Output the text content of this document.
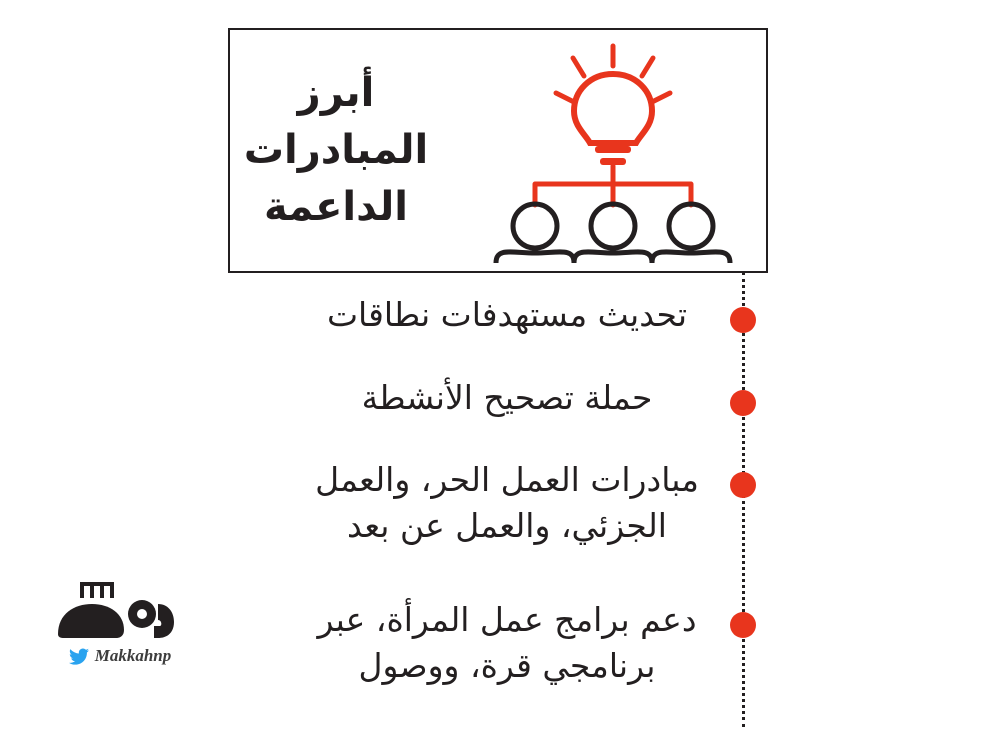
أبرز
المبادرات
الداعمة
تحديث مستهدفات نطاقات
حملة تصحيح الأنشطة
مبادرات العمل الحر، والعمل
الجزئي، والعمل عن بعد
دعم برامج عمل المرأة، عبر
برنامجي قرة، ووصول
Makkahnp
